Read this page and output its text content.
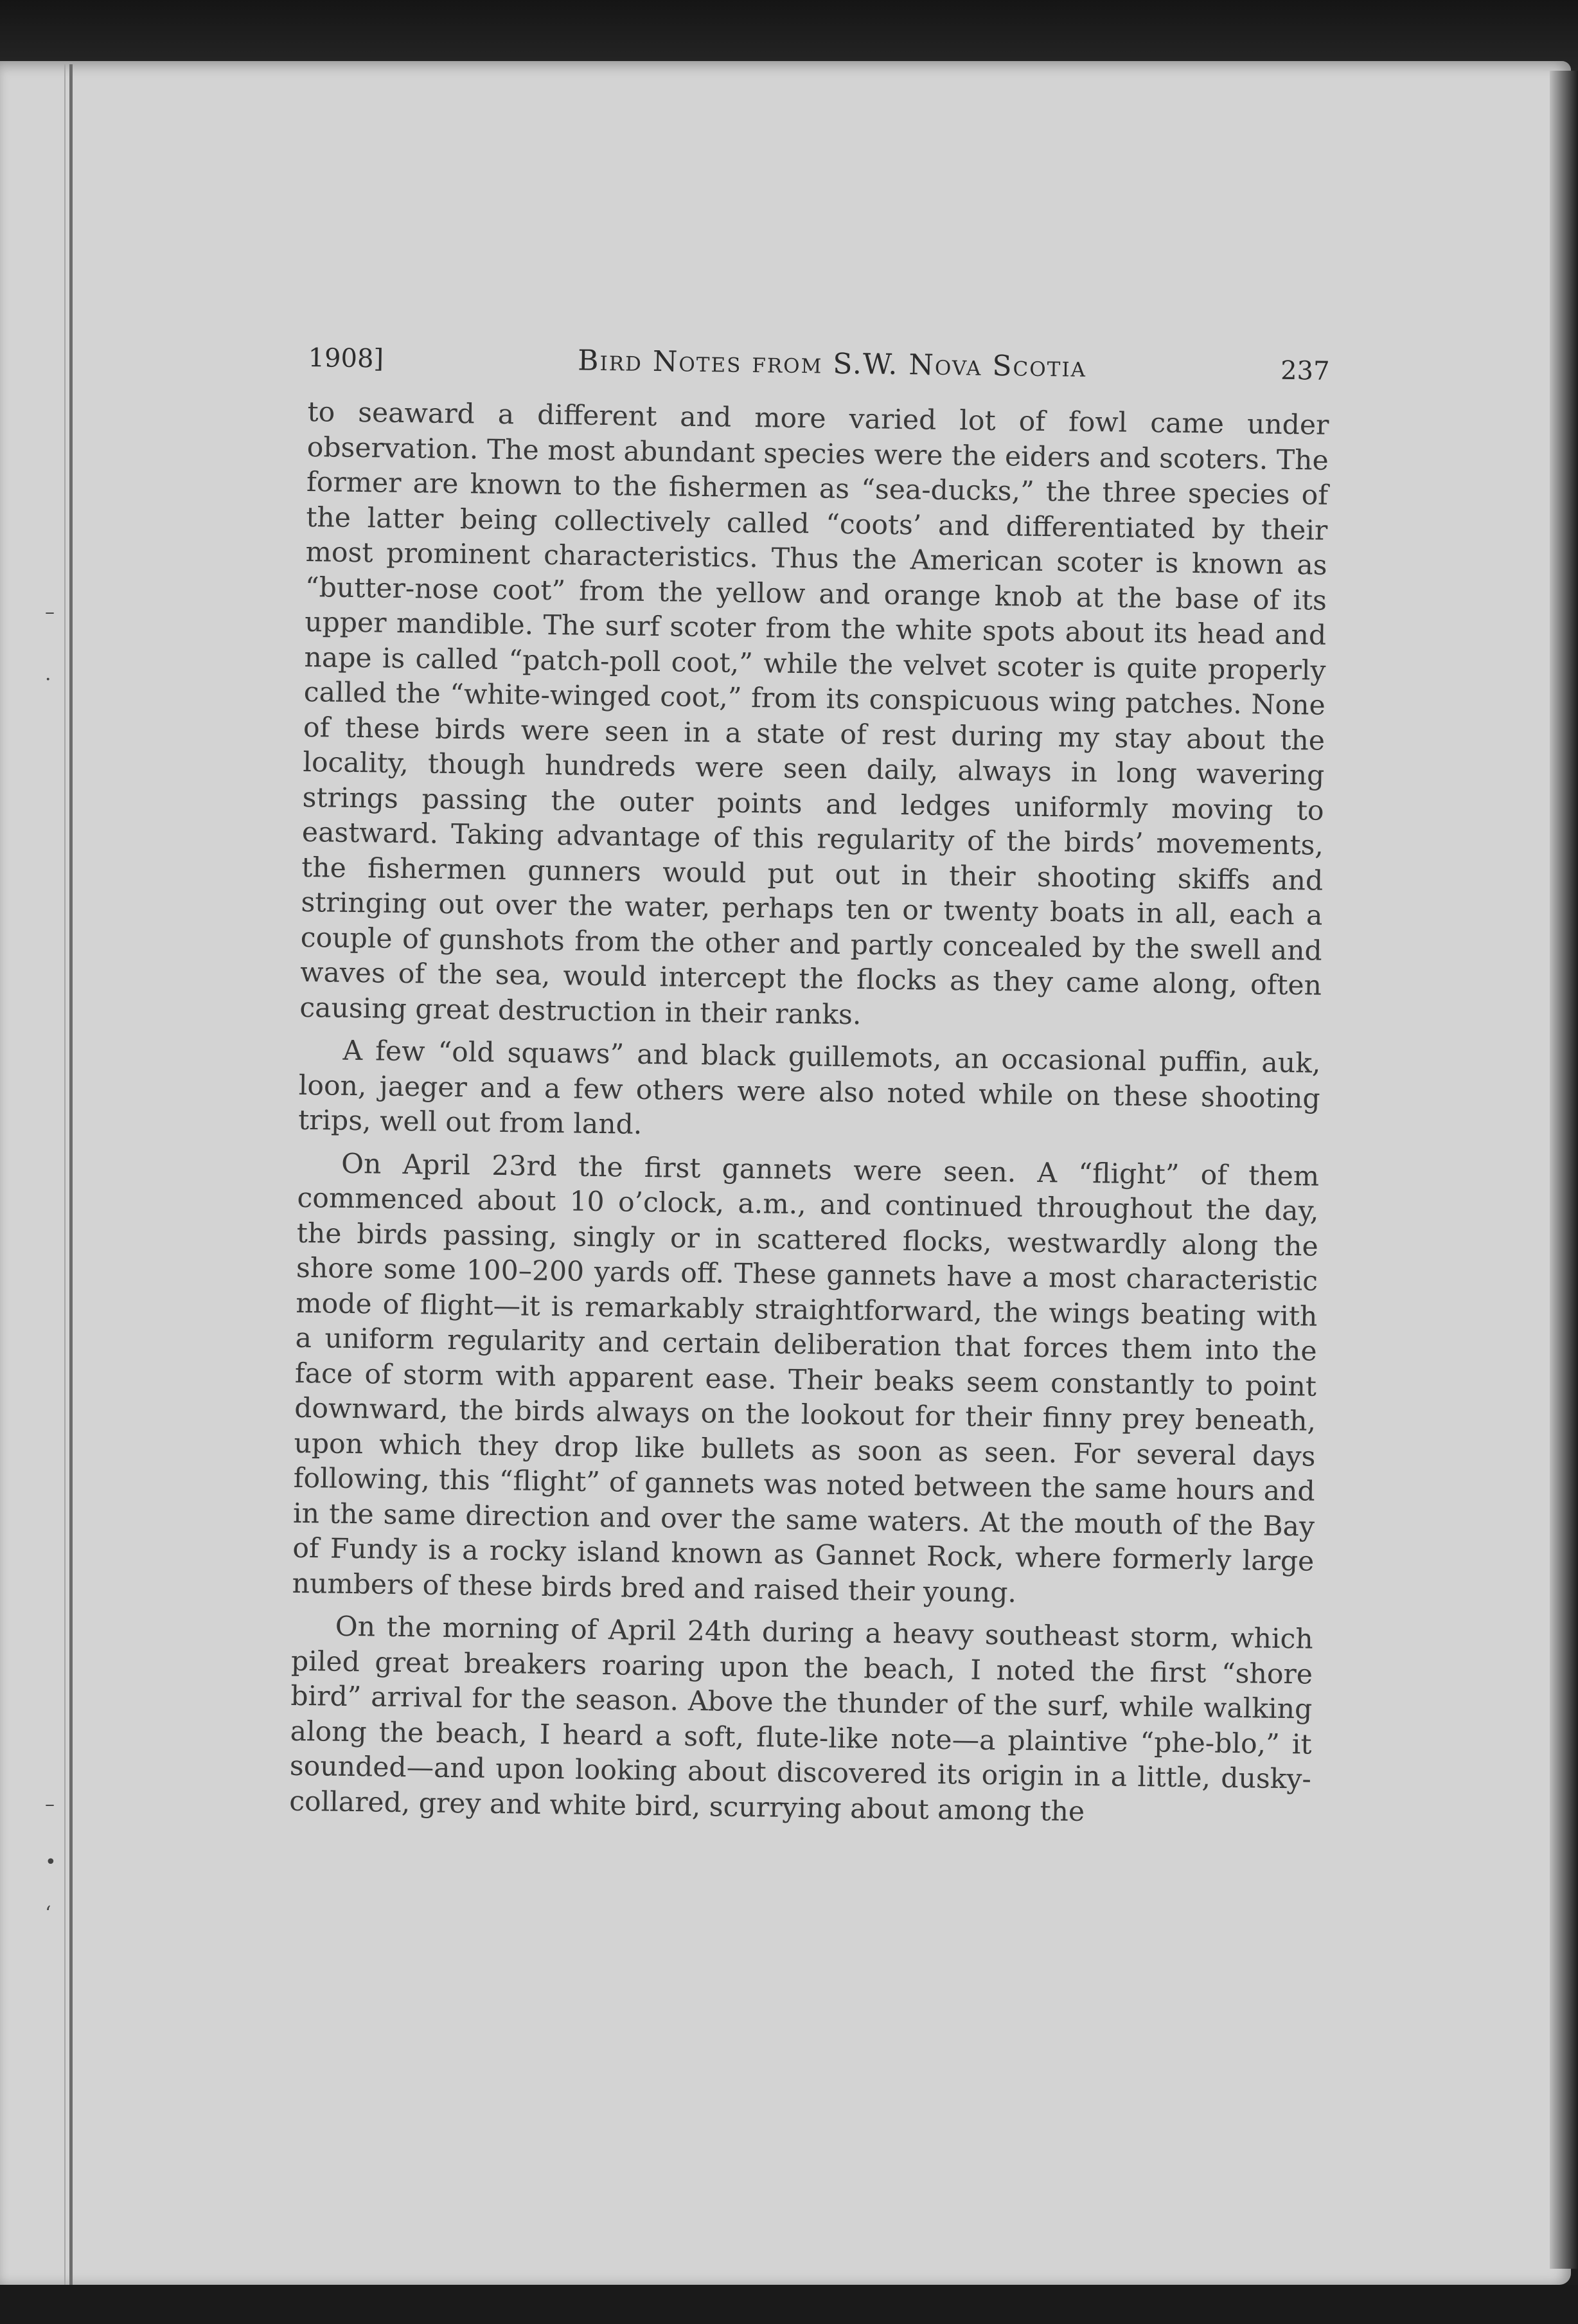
–
·
–
•
‘
1908]	Bird Notes from S.W. Nova Scotia	237

to seaward a different and more varied lot of fowl came under observation. The most abundant species were the eiders and scoters. The former are known to the fishermen as “sea-ducks,” the three species of the latter being collectively called “coots’ and differentiated by their most prominent characteristics. Thus the American scoter is known as “butter-nose coot” from the yellow and orange knob at the base of its upper mandible. The surf scoter from the white spots about its head and nape is called “patch-poll coot,” while the velvet scoter is quite properly called the “white-winged coot,” from its conspicuous wing patches. None of these birds were seen in a state of rest during my stay about the locality, though hundreds were seen daily, always in long wavering strings passing the outer points and ledges uniformly moving to eastward. Taking advantage of this regularity of the birds’ movements, the fishermen gunners would put out in their shooting skiffs and stringing out over the water, perhaps ten or twenty boats in all, each a couple of gunshots from the other and partly concealed by the swell and waves of the sea, would intercept the flocks as they came along, often causing great destruction in their ranks.

A few “old squaws” and black guillemots, an occasional puffin, auk, loon, jaeger and a few others were also noted while on these shooting trips, well out from land.

On April 23rd the first gannets were seen. A “flight” of them commenced about 10 o’clock, a.m., and continued throughout the day, the birds passing, singly or in scattered flocks, westwardly along the shore some 100–200 yards off. These gannets have a most characteristic mode of flight—it is remarkably straightforward, the wings beating with a uniform regularity and certain deliberation that forces them into the face of storm with apparent ease. Their beaks seem constantly to point downward, the birds always on the lookout for their finny prey beneath, upon which they drop like bullets as soon as seen. For several days following, this “flight” of gannets was noted between the same hours and in the same direction and over the same waters. At the mouth of the Bay of Fundy is a rocky island known as Gannet Rock, where formerly large numbers of these birds bred and raised their young.

On the morning of April 24th during a heavy southeast storm, which piled great breakers roaring upon the beach, I noted the first “shore bird” arrival for the season. Above the thunder of the surf, while walking along the beach, I heard a soft, flute-like note—a plaintive “phe-blo,” it sounded—and upon looking about discovered its origin in a little, dusky-collared, grey and white bird, scurrying about among the
